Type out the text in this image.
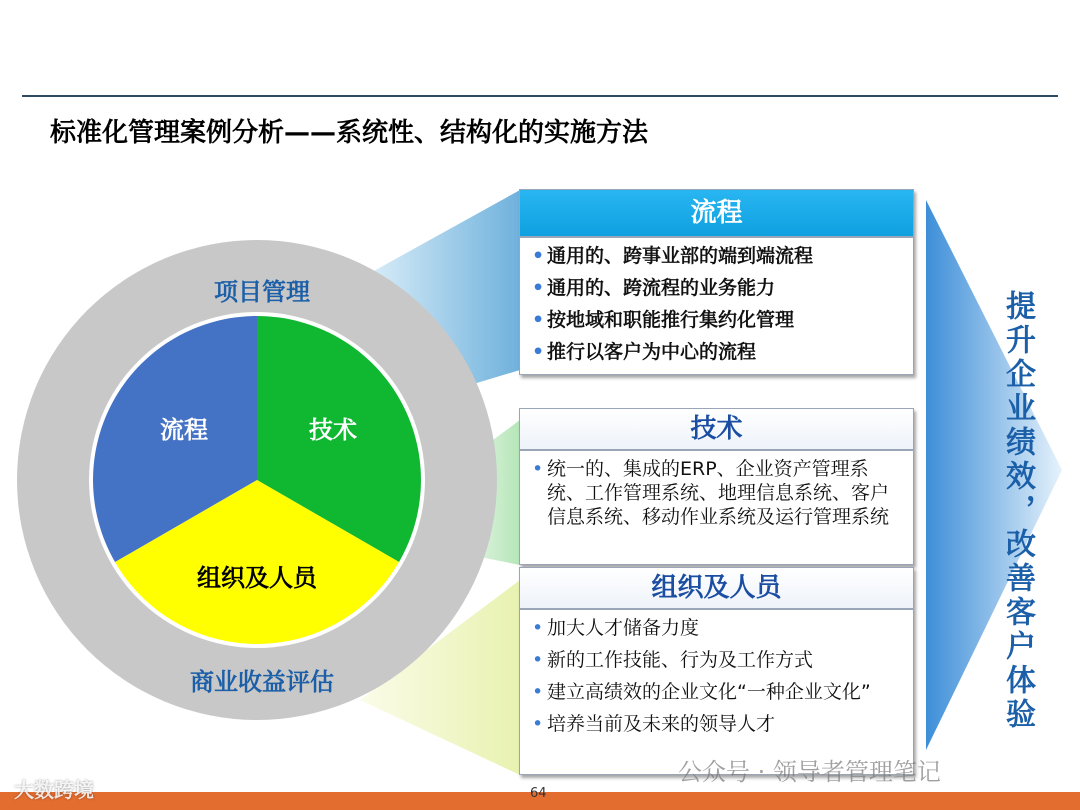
标准化管理案例分析——系统性、结构化的实施方法
项目管理
商业收益评估
流程	技术
组织及人员
流程
• 通用的、跨事业部的端到端流程
• 通用的、跨流程的业务能力
• 按地域和职能推行集约化管理
• 推行以客户为中心的流程
技术
• 统一的、集成的ERP、企业资产管理系统、工作管理系统、地理信息系统、客户信息系统、移动作业系统及运行管理系统
组织及人员
• 加大人才储备力度
• 新的工作技能、行为及工作方式
• 建立高绩效的企业文化“一种企业文化”
• 培养当前及未来的领导人才	提升企业绩效，改善客户体验
64
大数跨境
公众号 · 领导者管理笔记
